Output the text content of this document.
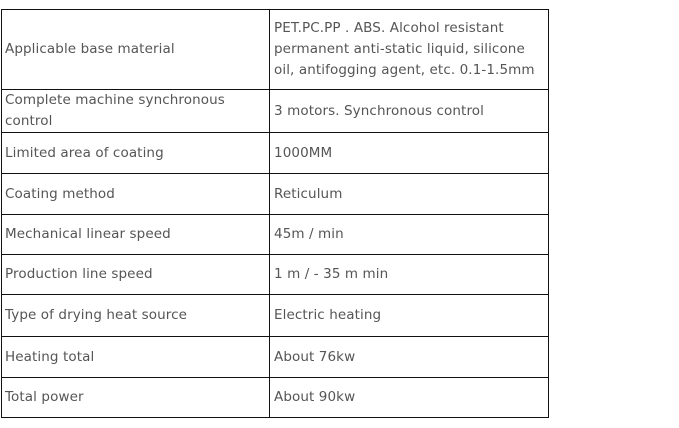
Applicable base material	PET.PC.PP . ABS. Alcohol resistant permanent anti-static liquid, silicone oil, antifogging agent, etc. 0.1-1.5mm
Complete machine synchronous control	3 motors. Synchronous control
Limited area of coating	1000MM
Coating method	Reticulum
Mechanical linear speed	45m / min
Production line speed	1 m / - 35 m min
Type of drying heat source	Electric heating
Heating total	About 76kw
Total power	About 90kw
